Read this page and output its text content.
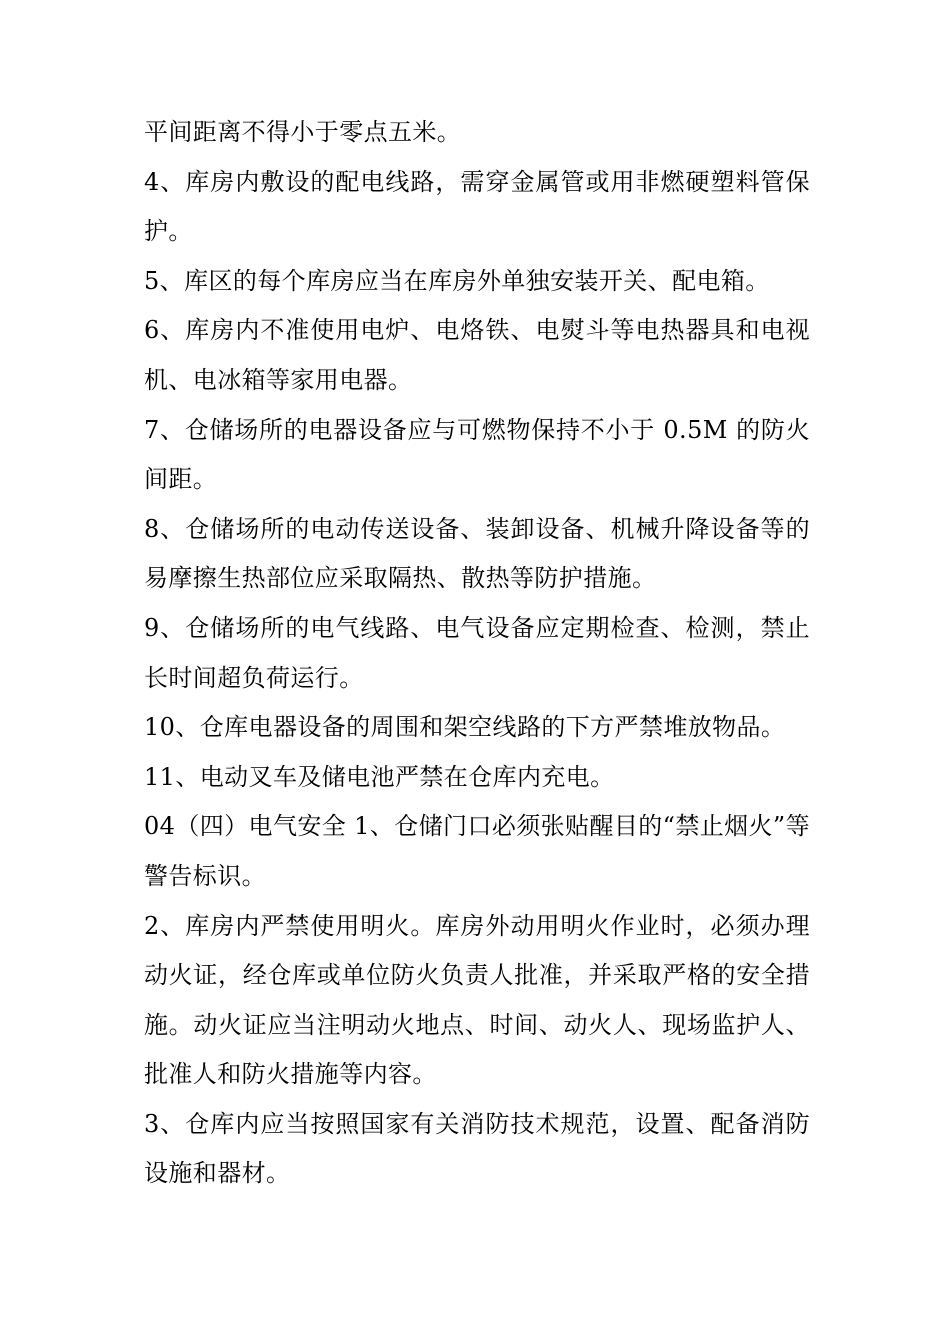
平间距离不得小于零点五米。

4、库房内敷设的配电线路，需穿金属管或用非燃硬塑料管保护。

5、库区的每个库房应当在库房外单独安装开关、配电箱。

6、库房内不准使用电炉、电烙铁、电熨斗等电热器具和电视机、电冰箱等家用电器。

7、仓储场所的电器设备应与可燃物保持不小于 0.5M 的防火间距。

8、仓储场所的电动传送设备、装卸设备、机械升降设备等的易摩擦生热部位应采取隔热、散热等防护措施。

9、仓储场所的电气线路、电气设备应定期检查、检测，禁止长时间超负荷运行。

10、仓库电器设备的周围和架空线路的下方严禁堆放物品。

11、电动叉车及储电池严禁在仓库内充电。

04（四）电气安全 1、仓储门口必须张贴醒目的“禁止烟火”等警告标识。

2、库房内严禁使用明火。库房外动用明火作业时，必须办理动火证，经仓库或单位防火负责人批准，并采取严格的安全措施。动火证应当注明动火地点、时间、动火人、现场监护人、批准人和防火措施等内容。

3、仓库内应当按照国家有关消防技术规范，设置、配备消防设施和器材。
